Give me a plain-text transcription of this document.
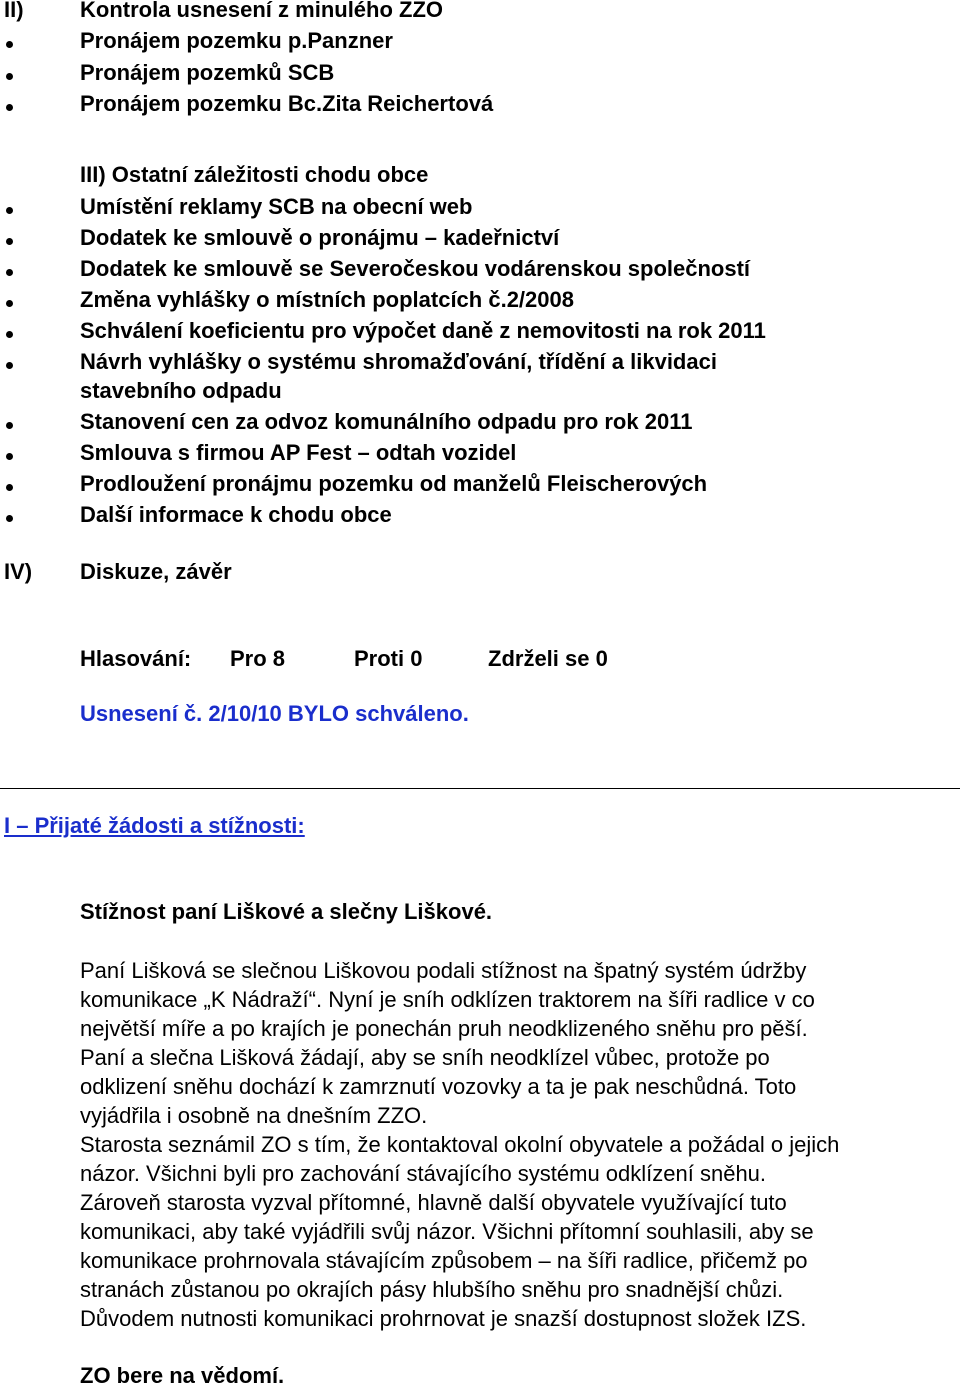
II)	Kontrola usnesení z minulého ZZO
Pronájem pozemku p.Panzner
Pronájem pozemků SCB
Pronájem pozemku Bc.Zita Reichertová
III) Ostatní záležitosti chodu obce
Umístění reklamy SCB na obecní web
Dodatek ke smlouvě o pronájmu – kadeřnictví
Dodatek ke smlouvě se Severočeskou vodárenskou společností
Změna vyhlášky o místních poplatcích č.2/2008
Schválení koeficientu pro výpočet daně z nemovitosti na rok 2011
Návrh vyhlášky o systému shromažďování, třídění a likvidaci
stavebního odpadu
Stanovení cen za odvoz komunálního odpadu pro rok 2011
Smlouva s firmou AP Fest – odtah vozidel
Prodloužení pronájmu pozemku od manželů Fleischerových
Další informace k chodu obce
IV) Diskuze, závěr
Hlasování: Pro 8	Proti 0	Zdrželi se 0
Usnesení č. 2/10/10 BYLO schváleno.
I – Přijaté žádosti a stížnosti:
Stížnost paní Liškové a slečny Liškové.
Paní Lišková se slečnou Liškovou podali stížnost na špatný systém údržby
komunikace „K Nádraží“. Nyní je sníh odklízen traktorem na šíři radlice v co
největší míře a po krajích je ponechán pruh neodklizeného sněhu pro pěší.
Paní a slečna Lišková žádají, aby se sníh neodklízel vůbec, protože po
odklizení sněhu dochází k zamrznutí vozovky a ta je pak neschůdná. Toto
vyjádřila i osobně na dnešním ZZO.
Starosta seznámil ZO s tím, že kontaktoval okolní obyvatele a požádal o jejich
názor. Všichni byli pro zachování stávajícího systému odklízení sněhu.
Zároveň starosta vyzval přítomné, hlavně další obyvatele využívající tuto
komunikaci, aby také vyjádřili svůj názor. Všichni přítomní souhlasili, aby se
komunikace prohrnovala stávajícím způsobem – na šíři radlice, přičemž po
stranách zůstanou po okrajích pásy hlubšího sněhu pro snadnější chůzi.
Důvodem nutnosti komunikaci prohrnovat je snazší dostupnost složek IZS.
ZO bere na vědomí.
